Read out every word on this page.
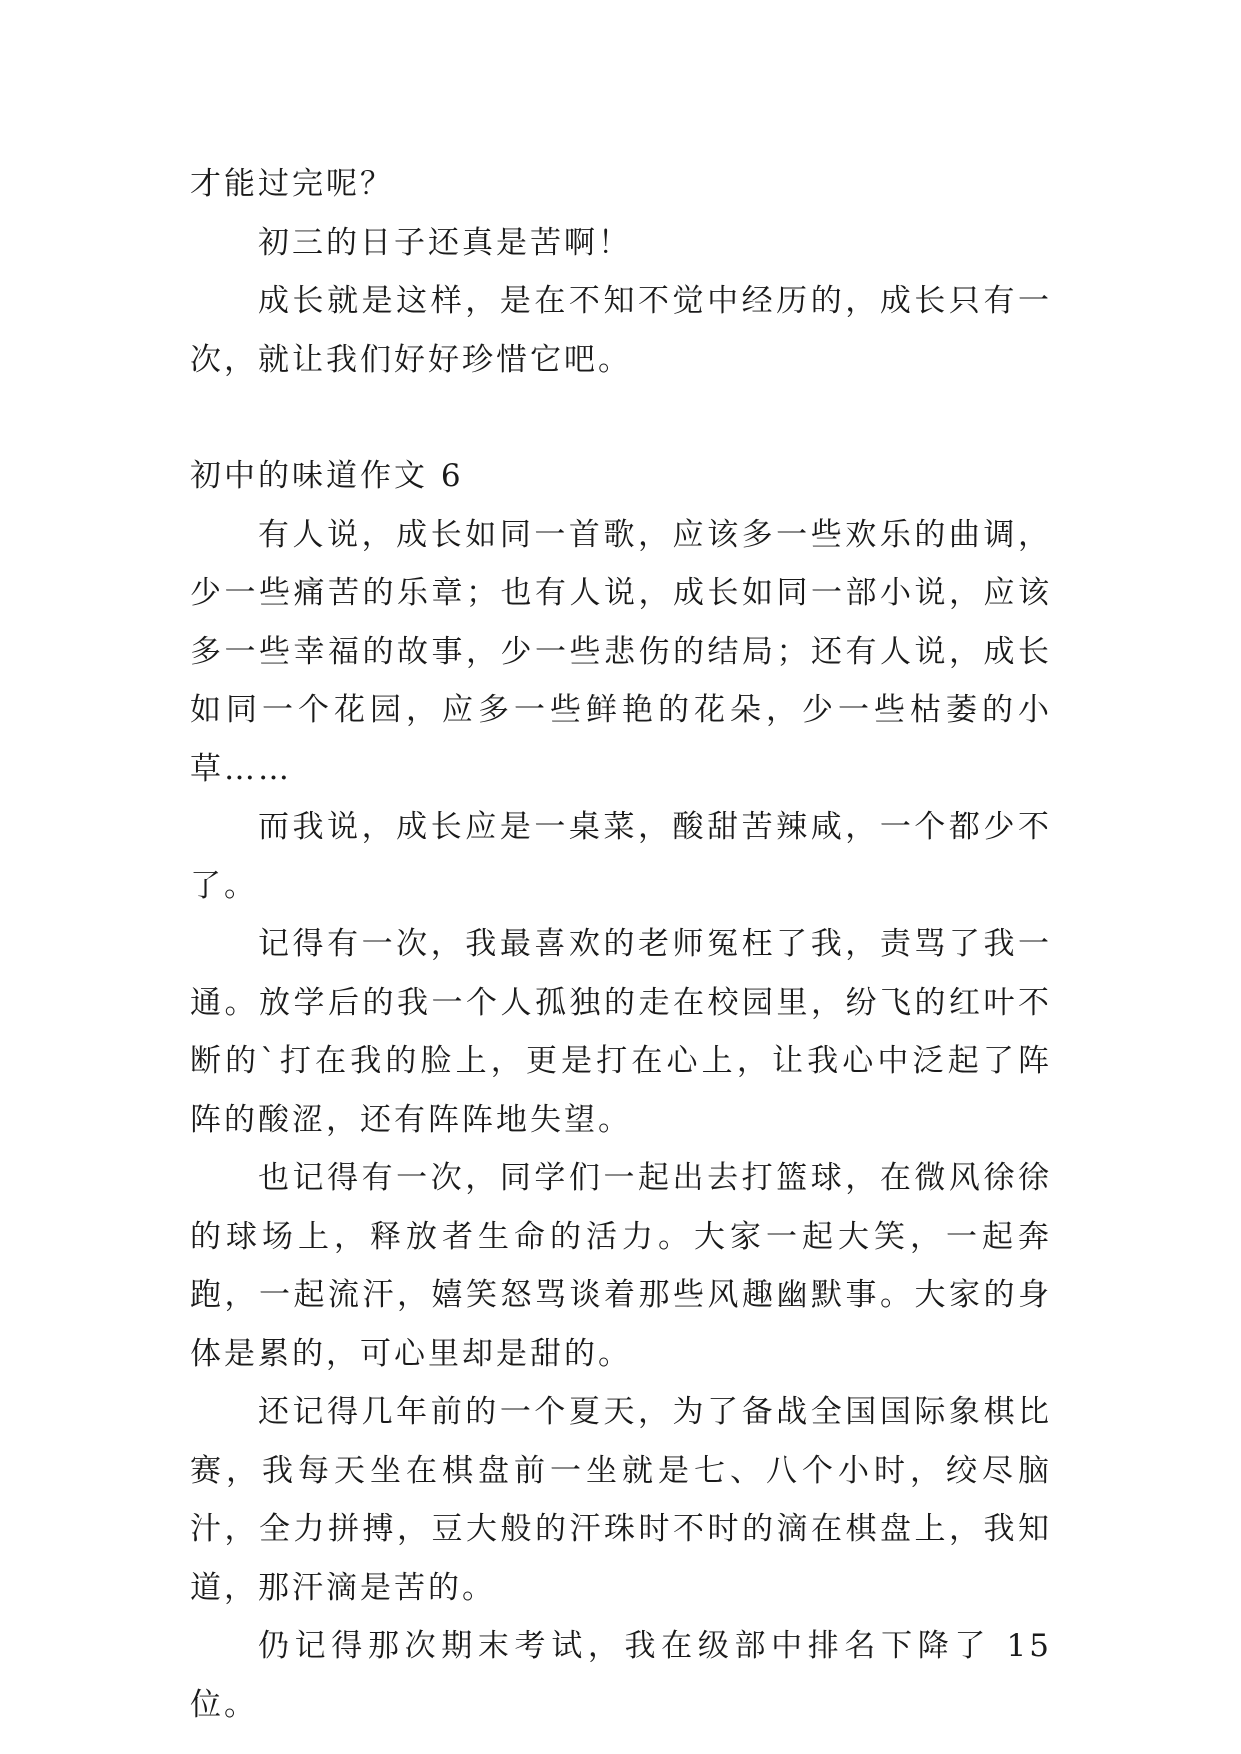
才能过完呢？

初三的日子还真是苦啊！

成长就是这样，是在不知不觉中经历的，成长只有一次，就让我们好好珍惜它吧。

初中的味道作文 6

有人说，成长如同一首歌，应该多一些欢乐的曲调，少一些痛苦的乐章；也有人说，成长如同一部小说，应该多一些幸福的故事，少一些悲伤的结局；还有人说，成长如同一个花园，应多一些鲜艳的花朵，少一些枯萎的小草……

而我说，成长应是一桌菜，酸甜苦辣咸，一个都少不了。

记得有一次，我最喜欢的老师冤枉了我，责骂了我一通。放学后的我一个人孤独的走在校园里，纷飞的红叶不断的`打在我的脸上，更是打在心上，让我心中泛起了阵阵的酸涩，还有阵阵地失望。

也记得有一次，同学们一起出去打篮球，在微风徐徐的球场上，释放者生命的活力。大家一起大笑，一起奔跑，一起流汗，嬉笑怒骂谈着那些风趣幽默事。大家的身体是累的，可心里却是甜的。

还记得几年前的一个夏天，为了备战全国国际象棋比赛，我每天坐在棋盘前一坐就是七、八个小时，绞尽脑汁，全力拼搏，豆大般的汗珠时不时的滴在棋盘上，我知道，那汗滴是苦的。

仍记得那次期末考试，我在级部中排名下降了 15 位。
